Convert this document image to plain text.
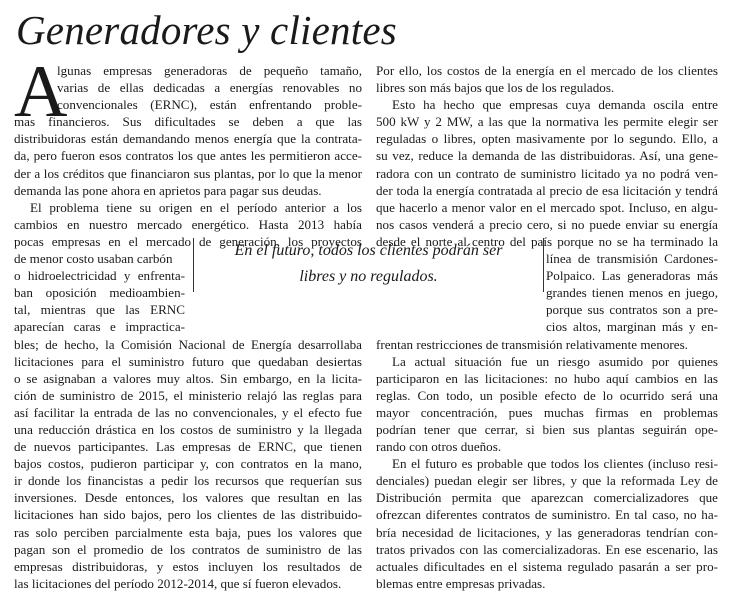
Generadores y clientes
A
lgunas empresas generadoras de pequeño tamaño,
varias de ellas dedicadas a energías renovables no
convencionales (ERNC), están enfrentando proble-
mas financieros. Sus dificultades se deben a que las
distribuidoras están demandando menos energía que la contrata-
da, pero fueron esos contratos los que antes les permitieron acce-
der a los créditos que financiaron sus plantas, por lo que la menor
demanda las pone ahora en aprietos para pagar sus deudas.
El problema tiene su origen en el período anterior a los
cambios en nuestro mercado energético. Hasta 2013 había
pocas empresas en el mercado de generación, los proyectos
de menor costo usaban carbón
o hidroelectricidad y enfrenta-
ban oposición medioambien-
tal, mientras que las ERNC
aparecían caras e impractica-
bles; de hecho, la Comisión Nacional de Energía desarrollaba
licitaciones para el suministro futuro que quedaban desiertas
o se asignaban a valores muy altos. Sin embargo, en la licita-
ción de suministro de 2015, el ministerio relajó las reglas para
así facilitar la entrada de las no convencionales, y el efecto fue
una reducción drástica en los costos de suministro y la llegada
de nuevos participantes. Las empresas de ERNC, que tienen
bajos costos, pudieron participar y, con contratos en la mano,
ir donde los financistas a pedir los recursos que requerían sus
inversiones. Desde entonces, los valores que resultan en las
licitaciones han sido bajos, pero los clientes de las distribuido-
ras solo perciben parcialmente esta baja, pues los valores que
pagan son el promedio de los contratos de suministro de las
empresas distribuidoras, y estos incluyen los resultados de
las licitaciones del período 2012-2014, que sí fueron elevados.
Por ello, los costos de la energía en el mercado de los clientes
libres son más bajos que los de los regulados.
Esto ha hecho que empresas cuya demanda oscila entre
500 kW y 2 MW, a las que la normativa les permite elegir ser
reguladas o libres, opten masivamente por lo segundo. Ello, a
su vez, reduce la demanda de las distribuidoras. Así, una gene-
radora con un contrato de suministro licitado ya no podrá ven-
der toda la energía contratada al precio de esa licitación y tendrá
que hacerlo a menor valor en el mercado spot. Incluso, en algu-
nos casos venderá a precio cero, si no puede enviar su energía
desde el norte al centro del país porque no se ha terminado la
línea de transmisión Cardones-
Polpaico. Las generadoras más
grandes tienen menos en juego,
porque sus contratos son a pre-
cios altos, marginan más y en-
frentan restricciones de transmisión relativamente menores.
La actual situación fue un riesgo asumido por quienes
participaron en las licitaciones: no hubo aquí cambios en las
reglas. Con todo, un posible efecto de lo ocurrido será una
mayor concentración, pues muchas firmas en problemas
podrían tener que cerrar, si bien sus plantas seguirán ope-
rando con otros dueños.
En el futuro es probable que todos los clientes (incluso resi-
denciales) puedan elegir ser libres, y que la reformada Ley de
Distribución permita que aparezcan comercializadores que
ofrezcan diferentes contratos de suministro. En tal caso, no ha-
bría necesidad de licitaciones, y las generadoras tendrían con-
tratos privados con las comercializadoras. En ese escenario, las
actuales dificultades en el sistema regulado pasarán a ser pro-
blemas entre empresas privadas.
En el futuro, todos los clientes podrán ser
libres y no regulados.
